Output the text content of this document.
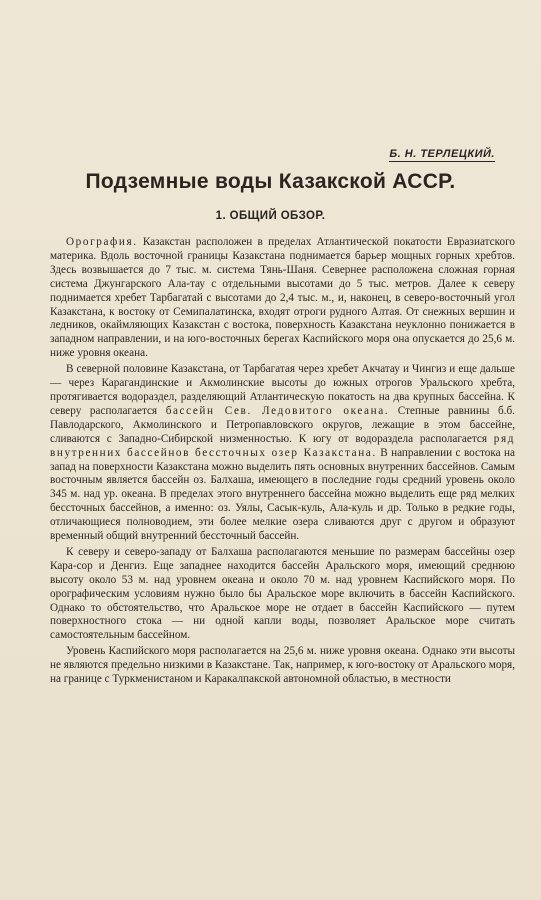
Б. Н. ТЕРЛЕЦКИЙ.
Подземные воды Казакской АССР.
1. ОБЩИЙ ОБЗОР.

Орография. Казакстан расположен в пределах Атлантической покатости Евразиатского материка. Вдоль восточной границы Казакстана поднимается барьер мощных горных хребтов. Здесь возвышается до 7 тыс. м. система Тянь-Шаня. Севернее расположена сложная горная система Джунгарского Ала-тау с отдельными высотами до 5 тыс. метров. Далее к северу поднимается хребет Тарбагатай с высотами до 2,4 тыс. м., и, наконец, в северо-восточный угол Казакстана, к востоку от Семипалатинска, входят отроги рудного Алтая. От снежных вершин и ледников, окаймляющих Казакстан с востока, поверхность Казакстана неуклонно понижается в западном направлении, и на юго-восточных берегах Каспийского моря она опускается до 25,6 м. ниже уровня океана.

В северной половине Казакстана, от Тарбагатая через хребет Акчатау и Чингиз и еще дальше — через Карагандинские и Акмолинские высоты до южных отрогов Уральского хребта, протягивается водораздел, разделяющий Атлантическую покатость на два крупных бассейна. К северу располагается бассейн Сев. Ледовитого океана. Степные равнины б.б. Павлодарского, Акмолинского и Петропавловского округов, лежащие в этом бассейне, сливаются с Западно-Сибирской низменностью. К югу от водораздела располагается ряд внутренних бассейнов бессточных озер Казакстана. В направлении с востока на запад на поверхности Казакстана можно выделить пять основных внутренних бассейнов. Самым восточным является бассейн оз. Балхаша, имеющего в последние годы средний уровень около 345 м. над ур. океана. В пределах этого внутреннего бассейна можно выделить еще ряд мелких бессточных бассейнов, а именно: оз. Уялы, Сасык-куль, Ала-куль и др. Только в редкие годы, отличающиеся полноводием, эти более мелкие озера сливаются друг с другом и образуют временный общий внутренний бессточный бассейн.

К северу и северо-западу от Балхаша располагаются меньшие по размерам бассейны озер Кара-сор и Денгиз. Еще западнее находится бассейн Аральского моря, имеющий среднюю высоту около 53 м. над уровнем океана и около 70 м. над уровнем Каспийского моря. По орографическим условиям нужно было бы Аральское море включить в бассейн Каспийского. Однако то обстоятельство, что Аральское море не отдает в бассейн Каспийского — путем поверхностного стока — ни одной капли воды, позволяет Аральское море считать самостоятельным бассейном.

Уровень Каспийского моря располагается на 25,6 м. ниже уровня океана. Однако эти высоты не являются предельно низкими в Казакстане. Так, например, к юго-востоку от Аральского моря, на границе с Туркменистаном и Каракалпакской автономной областью, в местности
